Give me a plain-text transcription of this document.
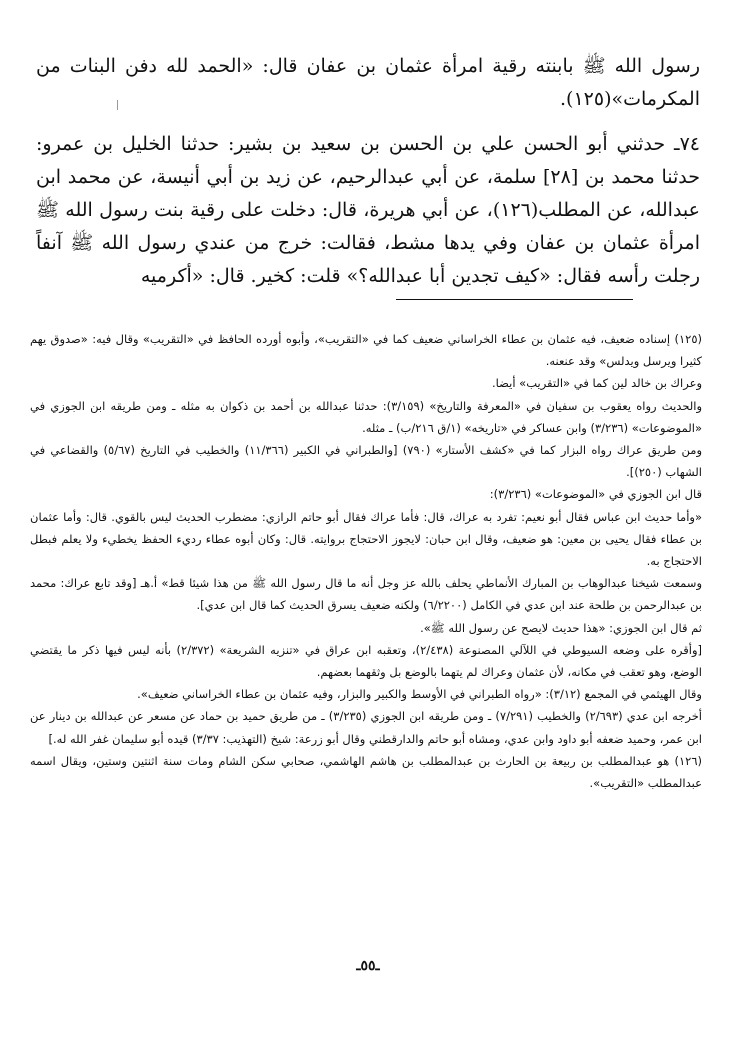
رسول الله ﷺ بابنته رقية امرأة عثمان بن عفان قال: «الحمد لله دفن البنات من المكرمات»(١٢٥).

٧٤ـ حدثني أبو الحسن علي بن الحسن بن سعيد بن بشير: حدثنا الخليل بن عمرو: حدثنا محمد بن [٢٨] سلمة، عن أبي عبدالرحيم، عن زيد بن أبي أنيسة، عن محمد ابن عبدالله، عن المطلب(١٢٦)، عن أبي هريرة، قال: دخلت على رقية بنت رسول الله ﷺ امرأة عثمان بن عفان وفي يدها مشط، فقالت: خرج من عندي رسول الله ﷺ آنفاً رجلت رأسه فقال: «كيف تجدين أبا عبدالله؟» قلت: كخير. قال: «أكرميه

(١٢٥) إسناده ضعيف، فيه عثمان بن عطاء الخراساني ضعيف كما في «التقريب»، وأبوه أورده الحافظ في «التقريب» وقال فيه: «صدوق يهم كثيرا ويرسل ويدلس» وقد عنعنه.

وعراك بن خالد لين كما في «التقريب» أيضا.

والحديث رواه يعقوب بن سفيان في «المعرفة والتاريخ» (٣/١٥٩): حدثنا عبدالله بن أحمد بن ذكوان به مثله ـ ومن طريقه ابن الجوزي في «الموضوعات» (٣/٢٣٦) وابن عساكر في «تاريخه» (١/ق ٢١٦/ب) ـ مثله.

ومن طريق عراك رواه البزار كما في «كشف الأستار» (٧٩٠) [والطبراني في الكبير (١١/٣٦٦) والخطيب في التاريخ (٥/٦٧) والقضاعي في الشهاب (٢٥٠)].

قال ابن الجوزي في «الموضوعات» (٣/٢٣٦):

«وأما حديث ابن عباس فقال أبو نعيم: تفرد به عراك، قال: فأما عراك فقال أبو حاتم الرازي: مضطرب الحديث ليس بالقوي. قال: وأما عثمان بن عطاء فقال يحيى بن معين: هو ضعيف، وقال ابن حبان: لايجوز الاحتجاج بروايته. قال: وكان أبوه عطاء رديء الحفظ يخطيء ولا يعلم فبطل الاحتجاج به.

وسمعت شيخنا عبدالوهاب بن المبارك الأنماطي يحلف بالله عز وجل أنه ما قال رسول الله ﷺ من هذا شيئا قط» أ.هـ [وقد تابع عراك: محمد بن عبدالرحمن بن طلحة عند ابن عدي في الكامل (٦/٢٢٠٠) ولكنه ضعيف يسرق الحديث كما قال ابن عدي].

ثم قال ابن الجوزي: «هذا حديث لايصح عن رسول الله ﷺ».

[وأقره على وضعه السيوطي في اللآلي المصنوعة (٢/٤٣٨)، وتعقبه ابن عراق في «تنزيه الشريعة» (٢/٣٧٢) بأنه ليس فيها ذكر ما يقتضي الوضع، وهو تعقب في مكانه، لأن عثمان وعراك لم يتهما بالوضع بل وثقهما بعضهم.

وقال الهيثمي في المجمع (٣/١٢): «رواه الطبراني في الأوسط والكبير والبزار، وفيه عثمان بن عطاء الخراساني ضعيف».

أخرجه ابن عدي (٢/٦٩٣) والخطيب (٧/٢٩١) ـ ومن طريقه ابن الجوزي (٣/٢٣٥) ـ من طريق حميد بن حماد عن مسعر عن عبدالله بن دينار عن ابن عمر، وحميد ضعفه أبو داود وابن عدي، ومشاه أبو حاتم والدارقطني وقال أبو زرعة: شيخ (التهذيب: ٣/٣٧) قيده أبو سليمان غفر الله له.]

(١٢٦) هو عبدالمطلب بن ربيعة بن الحارث بن عبدالمطلب بن هاشم الهاشمي، صحابي سكن الشام ومات سنة اثنتين وستين، ويقال اسمه عبدالمطلب «التقريب».

ـ٥٥ـ
